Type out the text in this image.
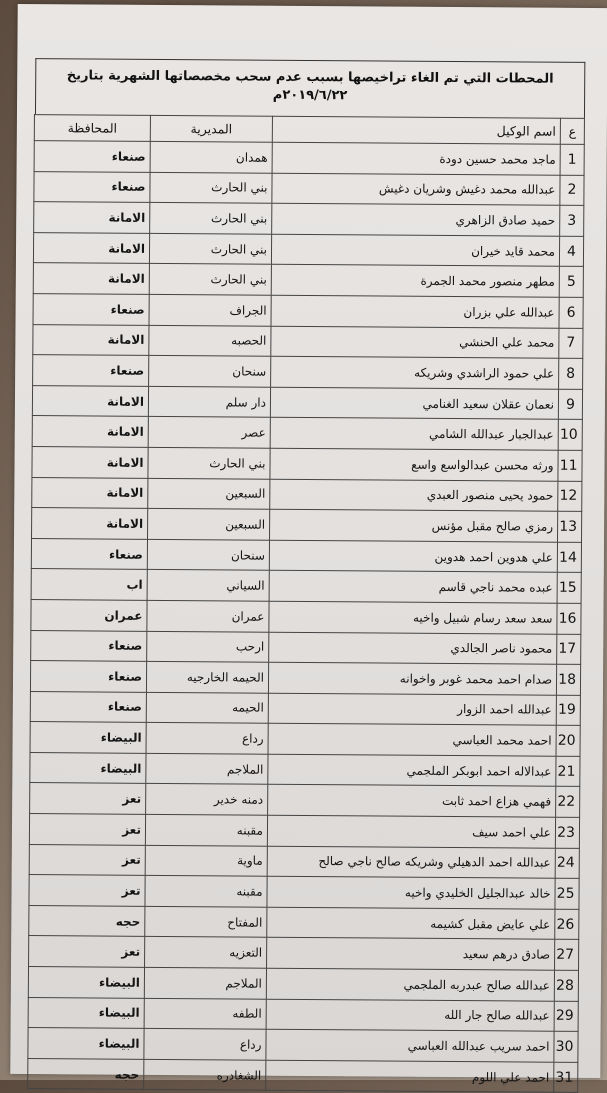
المحطات التي تم الغاء تراخيصها بسبب عدم سحب مخصصاتها الشهرية بتاريخ
٢٠١٩/٦/٢٢م
ع	اسم الوكيل	المديرية	المحافظة
1	ماجد محمد حسين دودة	همدان	صنعاء
2	عبدالله محمد دغيش وشريان دغيش	بني الحارث	صنعاء
3	حميد صادق الزاهري	بني الحارث	الامانة
4	محمد قايد خيران	بني الحارث	الامانة
5	مطهر منصور محمد الجمرة	بني الحارث	الامانة
6	عبدالله علي بزران	الجراف	صنعاء
7	محمد علي الحنشي	الحصبه	الامانة
8	علي حمود الراشدي وشريكه	سنحان	صنعاء
9	نعمان عقلان سعيد الغنامي	دار سلم	الامانة
10	عبدالجبار عبدالله الشامي	عصر	الامانة
11	ورثه محسن عبدالواسع واسع	بني الحارث	الامانة
12	حمود يحيى منصور العبدي	السبعين	الامانة
13	رمزي صالح مقبل مؤنس	السبعين	الامانة
14	علي هدوين احمد هدوين	سنحان	صنعاء
15	عبده محمد ناجي قاسم	السياني	اب
16	سعد سعد رسام شبيل واخيه	عمران	عمران
17	محمود ناصر الجالدي	ارحب	صنعاء
18	صدام احمد محمد غوبر واخوانه	الحيمه الخارجيه	صنعاء
19	عبدالله احمد الزوار	الحيمه	صنعاء
20	احمد محمد العباسي	رداع	البيضاء
21	عبدالاله احمد ابوبكر الملجمي	الملاجم	البيضاء
22	فهمي هزاع احمد ثابت	دمنه خدير	تعز
23	علي احمد سيف	مقبنه	تعز
24	عبدالله احمد الدهيلي وشريكه صالح ناجي صالح	ماوية	تعز
25	خالد عبدالجليل الخليدي واخيه	مقبنه	تعز
26	علي عايض مقبل كشيمه	المفتاح	حجه
27	صادق درهم سعيد	التعزيه	تعز
28	عبدالله صالح عبدربه الملجمي	الملاجم	البيضاء
29	عبدالله صالح جار الله	الطفه	البيضاء
30	احمد سريب عبدالله العباسي	رداع	البيضاء
31	احمد علي اللوم	الشغادره	حجه
